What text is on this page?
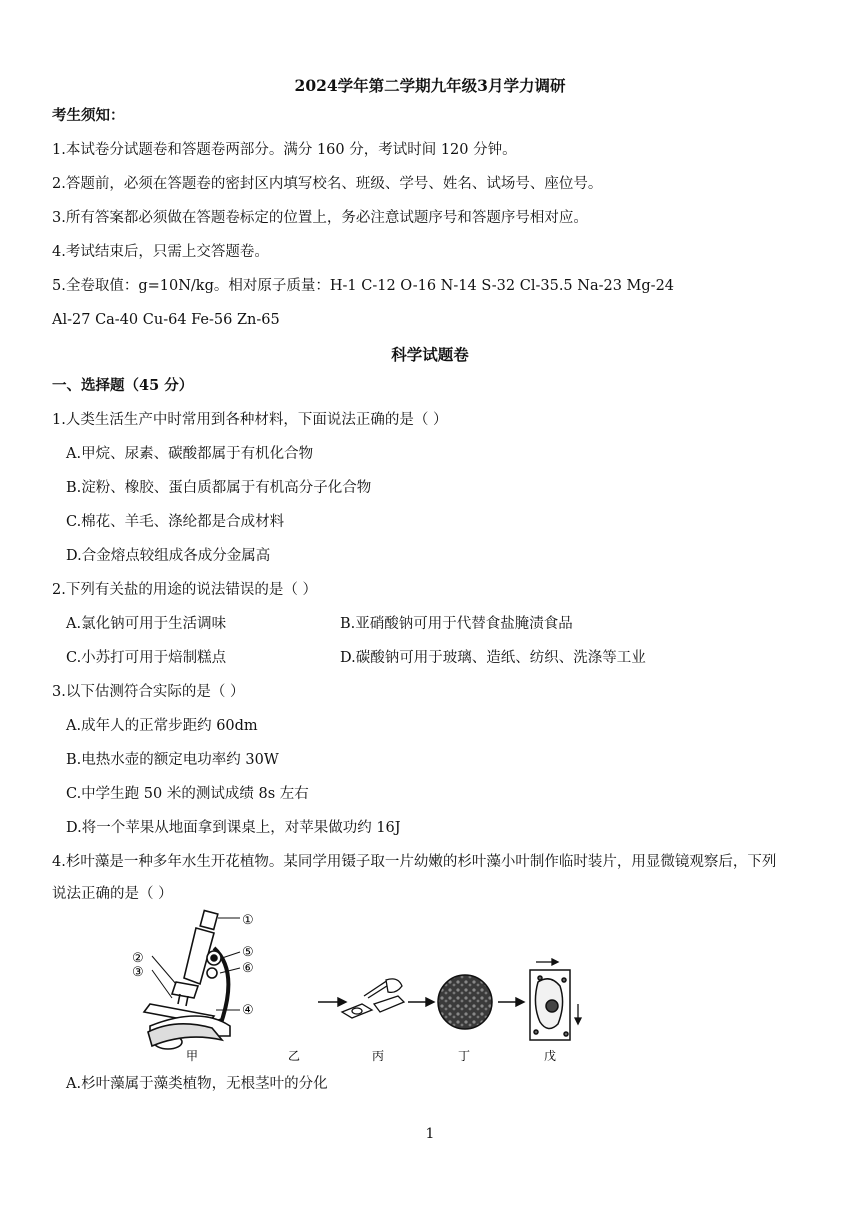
2024学年第二学期九年级3月学力调研
考生须知：
1.本试卷分试题卷和答题卷两部分。满分 160 分，考试时间 120 分钟。
2.答题前，必须在答题卷的密封区内填写校名、班级、学号、姓名、试场号、座位号。
3.所有答案都必须做在答题卷标定的位置上，务必注意试题序号和答题序号相对应。
4.考试结束后，只需上交答题卷。
5.全卷取值：g=10N/kg。相对原子质量：H-1 C-12 O-16 N-14 S-32 Cl-35.5 Na-23 Mg-24
Al-27 Ca-40 Cu-64 Fe-56 Zn-65
科学试题卷
一、选择题（45 分）
1.人类生活生产中时常用到各种材料，下面说法正确的是（ ）
A.甲烷、尿素、碳酸都属于有机化合物
B.淀粉、橡胶、蛋白质都属于有机高分子化合物
C.棉花、羊毛、涤纶都是合成材料
D.合金熔点较组成各成分金属高
2.下列有关盐的用途的说法错误的是（ ）
A.氯化钠可用于生活调味	B.亚硝酸钠可用于代替食盐腌渍食品
C.小苏打可用于焙制糕点	D.碳酸钠可用于玻璃、造纸、纺织、洗涤等工业
3.以下估测符合实际的是（ ）
A.成年人的正常步距约 60dm
B.电热水壶的额定电功率约 30W
C.中学生跑 50 米的测试成绩 8s 左右
D.将一个苹果从地面拿到课桌上，对苹果做功约 16J
4.杉叶藻是一种多年水生开花植物。某同学用镊子取一片幼嫩的杉叶藻小叶制作临时装片，用显微镜观察后，下列
说法正确的是（ ）
①
②
③
⑤
⑥
④
甲	乙	丙	丁	戊
A.杉叶藻属于藻类植物，无根茎叶的分化
1
